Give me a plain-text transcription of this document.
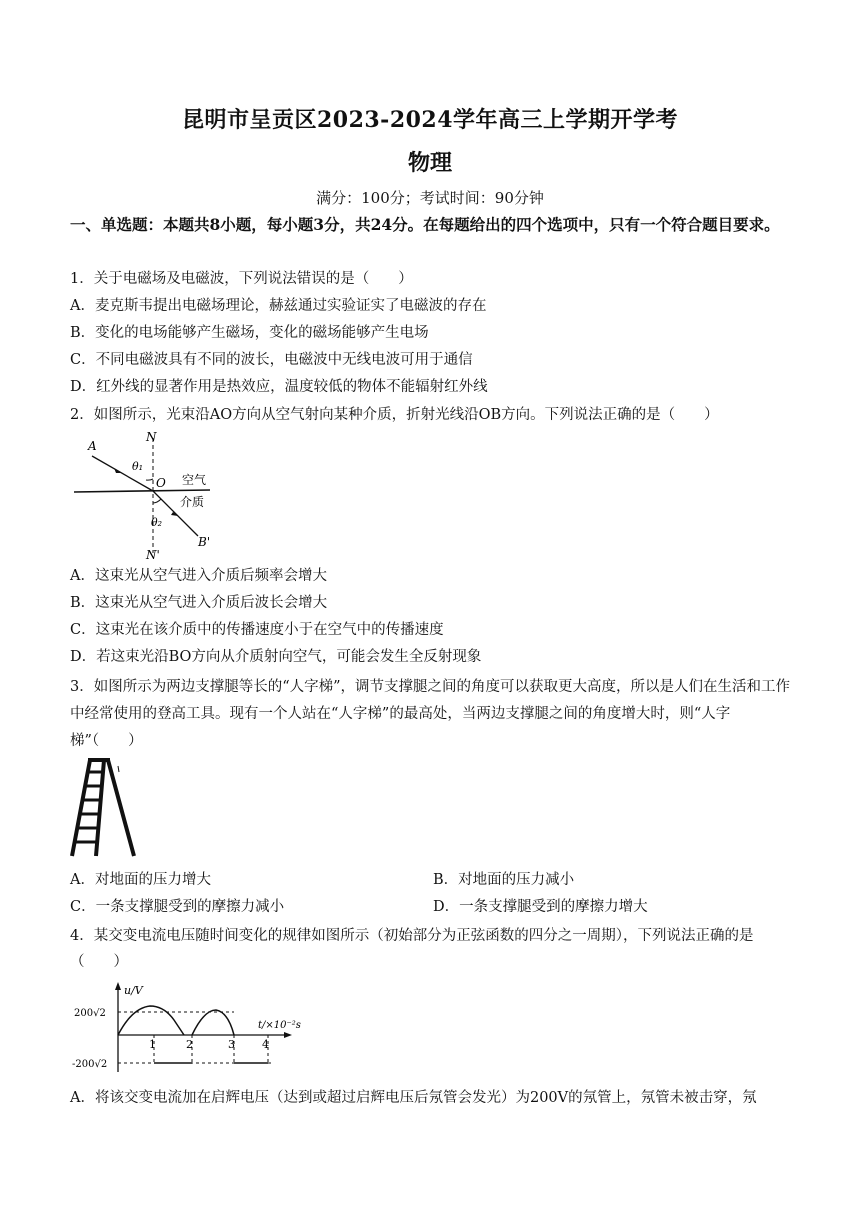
昆明市呈贡区2023-2024学年高三上学期开学考
物理
满分：100分；考试时间：90分钟
一、单选题：本题共8小题，每小题3分，共24分。在每题给出的四个选项中，只有一个符合题目要求。
1．关于电磁场及电磁波，下列说法错误的是（　　）
A．麦克斯韦提出电磁场理论，赫兹通过实验证实了电磁波的存在
B．变化的电场能够产生磁场，变化的磁场能够产生电场
C．不同电磁波具有不同的波长，电磁波中无线电波可用于通信
D．红外线的显著作用是热效应，温度较低的物体不能辐射红外线
2．如图所示，光束沿AO方向从空气射向某种介质，折射光线沿OB方向。下列说法正确的是（　　）
A
N
θ₁
O 空气
介质
θ₂
B'
N'
A．这束光从空气进入介质后频率会增大
B．这束光从空气进入介质后波长会增大
C．这束光在该介质中的传播速度小于在空气中的传播速度
D．若这束光沿BO方向从介质射向空气，可能会发生全反射现象
3．如图所示为两边支撑腿等长的“人字梯”，调节支撑腿之间的角度可以获取更大高度，所以是人们在生活和工作中经常使用的登高工具。现有一个人站在“人字梯”的最高处，当两边支撑腿之间的角度增大时，则“人字梯”（　　）
A．对地面的压力增大	B．对地面的压力减小
C．一条支撑腿受到的摩擦力减小	D．一条支撑腿受到的摩擦力增大
4．某交变电流电压随时间变化的规律如图所示（初始部分为正弦函数的四分之一周期），下列说法正确的是（　　）
u/V
t/×10⁻²s
200√2
-200√2
1	2	3 4
A．将该交变电流加在启辉电压（达到或超过启辉电压后氖管会发光）为200V的氖管上，氖管未被击穿，氖
